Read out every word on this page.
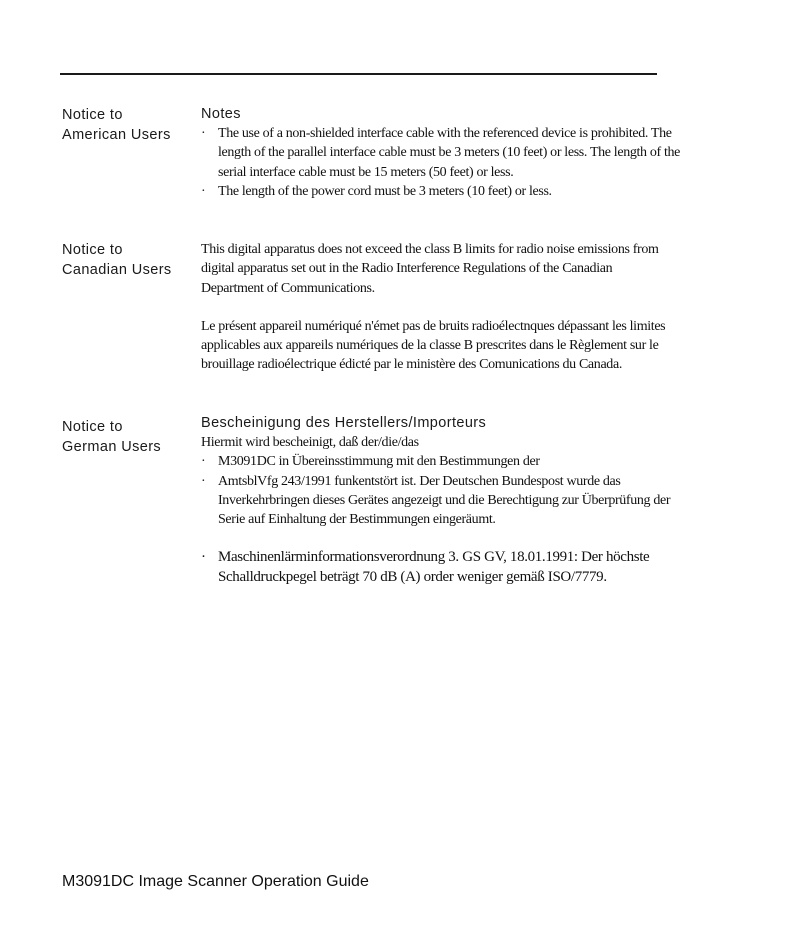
Notice to
American Users
Notes
· The use of a non-shielded interface cable with the referenced device is prohibited. The length of the parallel interface cable must be 3 meters (10 feet) or less. The length of the serial interface cable must be 15 meters (50 feet) or less.
· The length of the power cord must be 3 meters (10 feet) or less.
Notice to
Canadian Users
This digital apparatus does not exceed the class B limits for radio noise emissions from digital apparatus set out in the Radio Interference Regulations of the Canadian Department of Communications.
Le présent appareil numériqué n'émet pas de bruits radioélectnques dépassant les limites applicables aux appareils numériques de la classe B prescrites dans le Règlement sur le brouillage radioélectrique édicté par le ministère des Comunications du Canada.
Notice to
German Users
Bescheinigung des Herstellers/Importeurs
Hiermit wird bescheinigt, daß der/die/das
· M3091DC in Übereinsstimmung mit den Bestimmungen der
· AmtsblVfg 243/1991 funkentstört ist. Der Deutschen Bundespost wurde das Inverkehrbringen dieses Gerätes angezeigt und die Berechtigung zur Überprüfung der Serie auf Einhaltung der Bestimmungen eingeräumt.
· Maschinenlärminformationsverordnung 3. GS GV, 18.01.1991: Der höchste Schalldruckpegel beträgt 70 dB (A) order weniger gemäß ISO/7779.
M3091DC Image Scanner Operation Guide
